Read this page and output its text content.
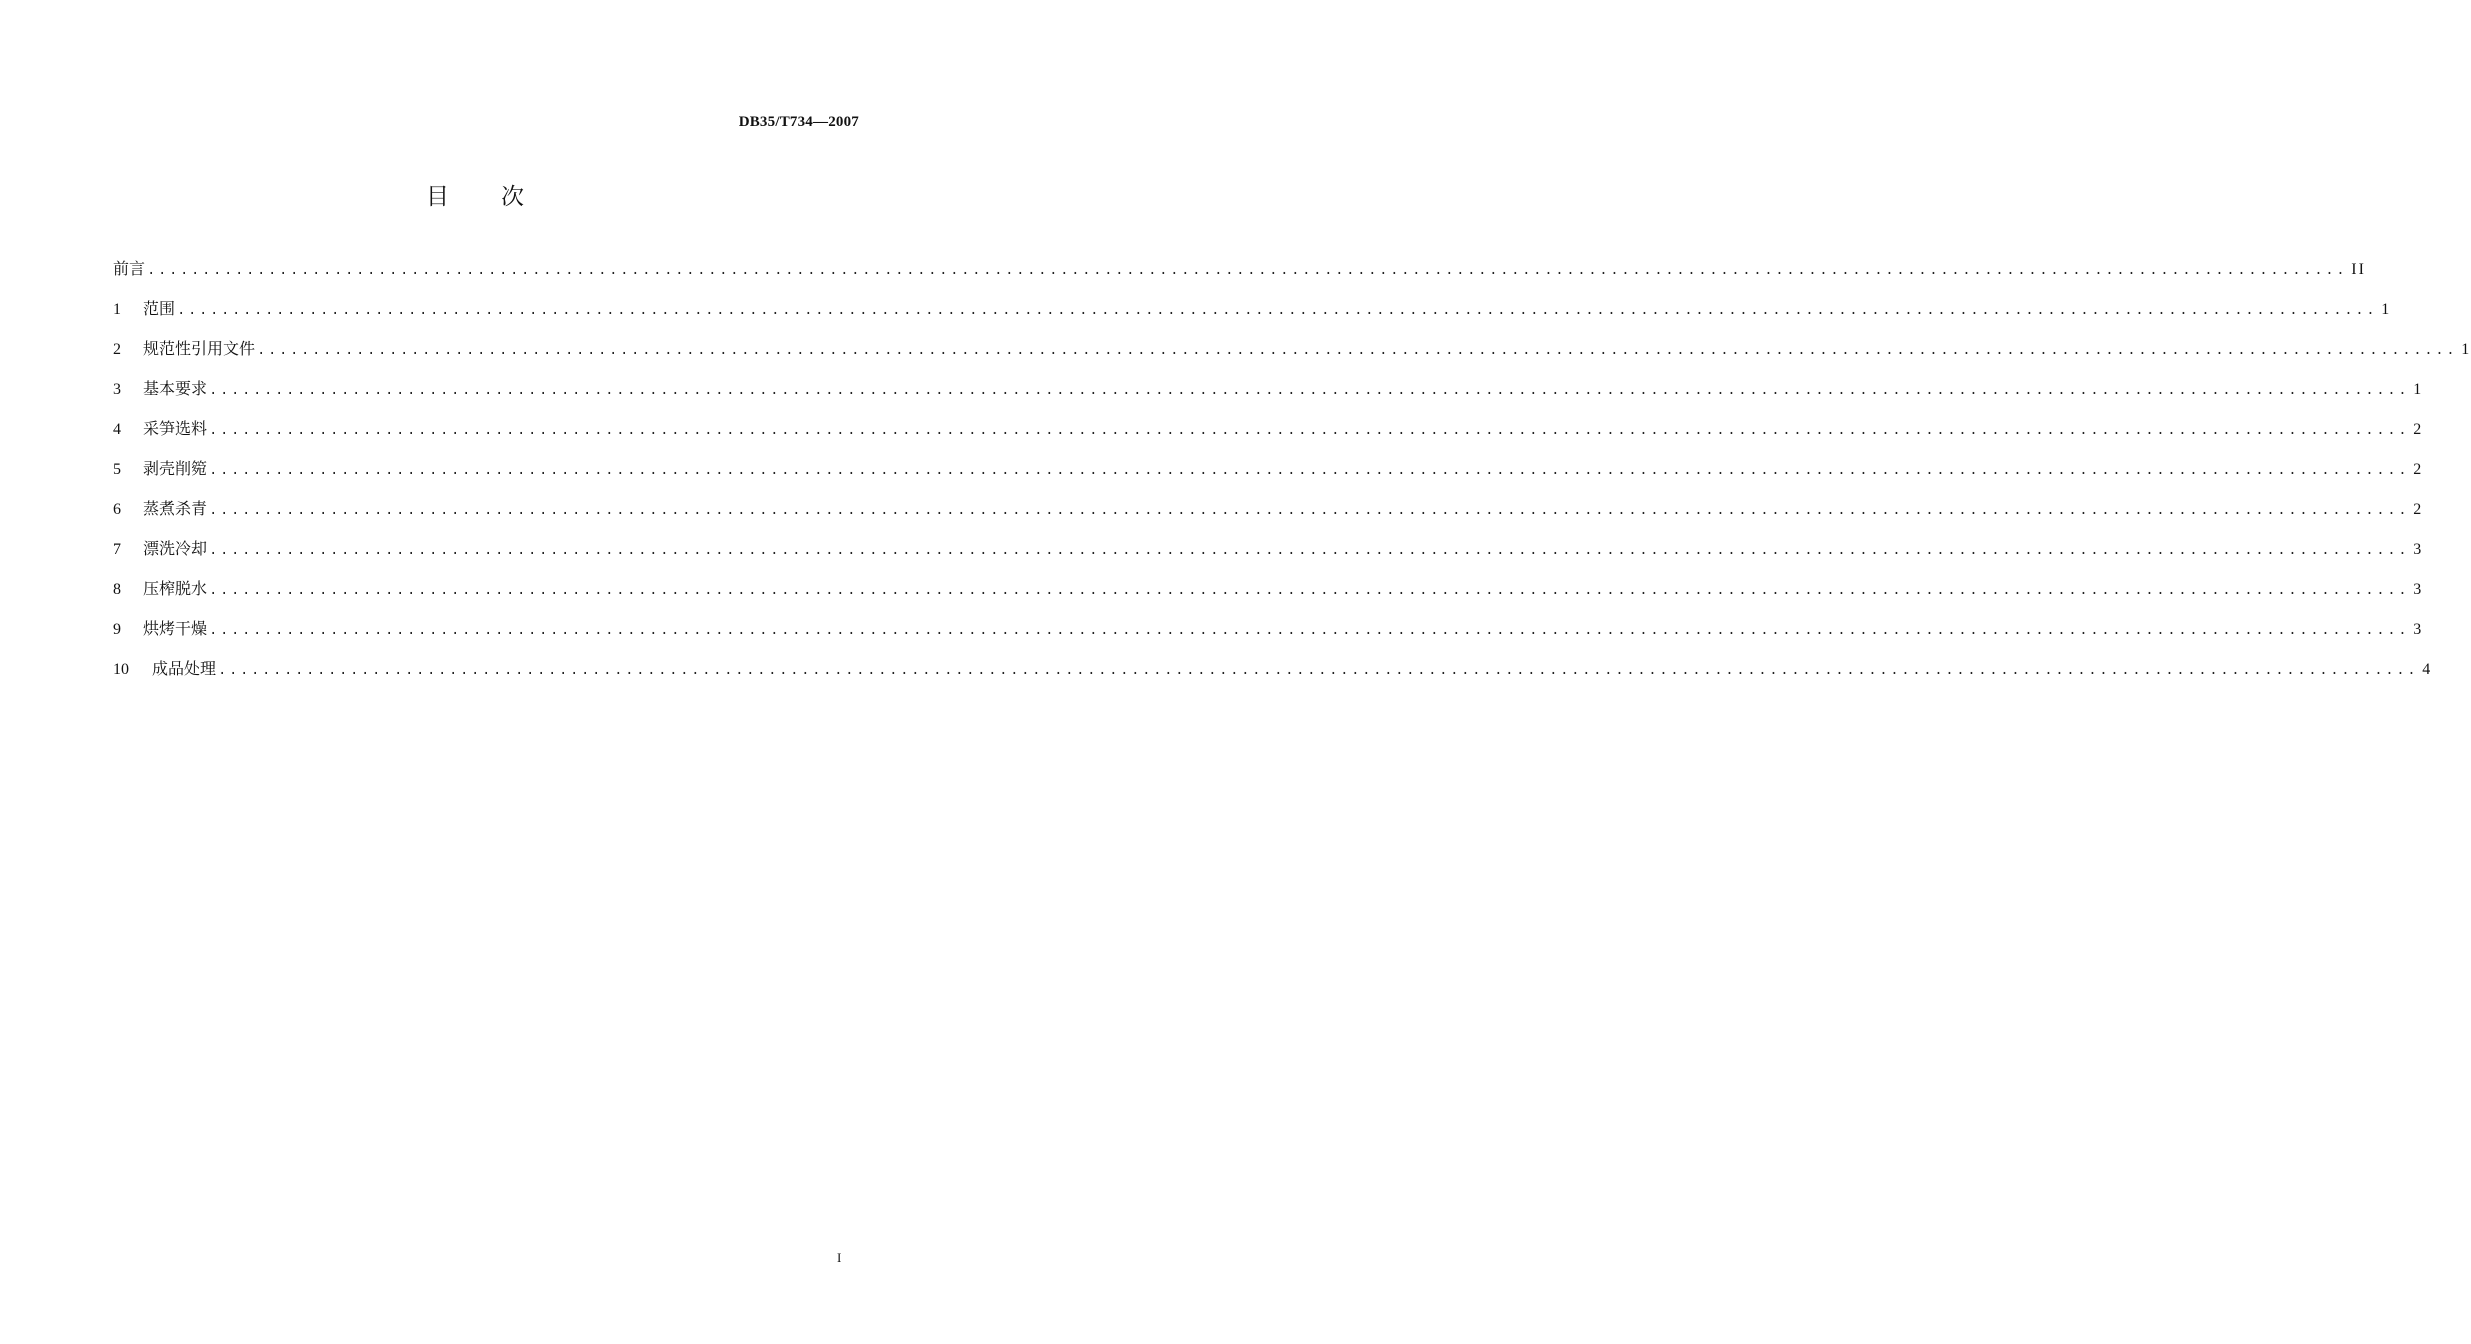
DB35/T734—2007
目 次
前言 ........................................................................................................................................................................................................ II
1	范围 ........................................................................................................................................................................................................ 1
2	规范性引用文件 ........................................................................................................................................................................................................ 1
3	基本要求 ........................................................................................................................................................................................................ 1
4	采笋选料 ........................................................................................................................................................................................................ 2
5	剥壳削箢 ........................................................................................................................................................................................................ 2
6	蒸煮杀青 ........................................................................................................................................................................................................ 2
7	漂洗冷却 ........................................................................................................................................................................................................ 3
8	压榨脱水 ........................................................................................................................................................................................................ 3
9	烘烤干燥 ........................................................................................................................................................................................................ 3
10	成品处理 ........................................................................................................................................................................................................ 4
I
